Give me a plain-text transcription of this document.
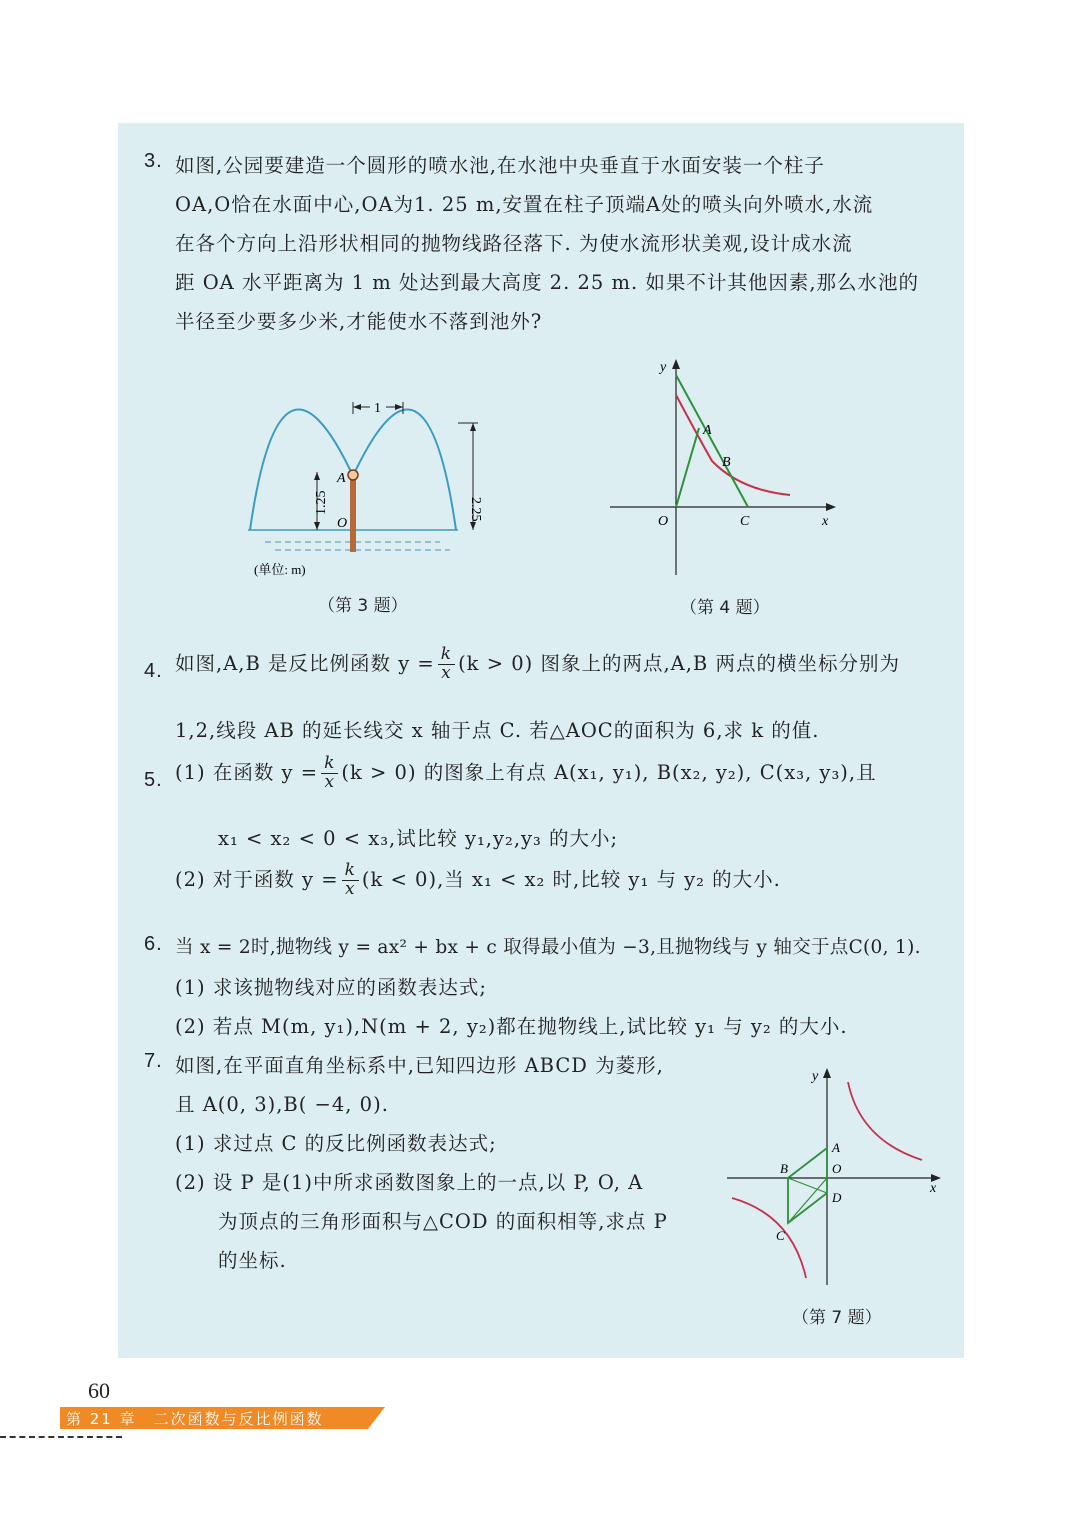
3. 如图,公园要建造一个圆形的喷水池,在水池中央垂直于水面安装一个柱子
OA,O恰在水面中心,OA为1. 25 m,安置在柱子顶端A处的喷头向外喷水,水流
在各个方向上沿形状相同的抛物线路径落下. 为使水流形状美观,设计成水流
距 OA 水平距离为 1 m 处达到最大高度 2. 25 m. 如果不计其他因素,那么水池的
半径至少要多少米,才能使水不落到池外?
1.25	2.25
1
A
O
(单位: m)
（第 3 题）
y
x
O
A
B
C
（第 4 题）
4. 如图,A,B 是反比例函数 $y = \frac{k}{x} (k > 0)$ 图象上的两点,A,B 两点的横坐标分别为
1,2,线段 AB 的延长线交 x 轴于点 C. 若△AOC的面积为 6,求 k 的值.
5. (1) 在函数 $y = \frac{k}{x} (k > 0)$ 的图象上有点 A(x₁, y₁), B(x₂, y₂), C(x₃, y₃),且
x₁ < x₂ < 0 < x₃,试比较 y₁,y₂,y₃ 的大小;
(2) 对于函数 $y = \frac{k}{x} (k < 0)$,当 x₁ < x₂ 时,比较 y₁ 与 y₂ 的大小.
6. 当 x = 2时,抛物线 y = ax² + bx + c 取得最小值为 −3,且抛物线与 y 轴交于点C(0, 1).
(1) 求该抛物线对应的函数表达式;
(2) 若点 M(m, y₁),N(m + 2, y₂)都在抛物线上,试比较 y₁ 与 y₂ 的大小.
7. 如图,在平面直角坐标系中,已知四边形 ABCD 为菱形,
且 A(0, 3),B( −4, 0).
(1) 求过点 C 的反比例函数表达式;
(2) 设 P 是(1)中所求函数图象上的一点,以 P, O, A
为顶点的三角形面积与△COD 的面积相等,求点 P
的坐标.
y
x
A
B	O
D
C
（第 7 题）
60
第 21 章　二次函数与反比例函数
